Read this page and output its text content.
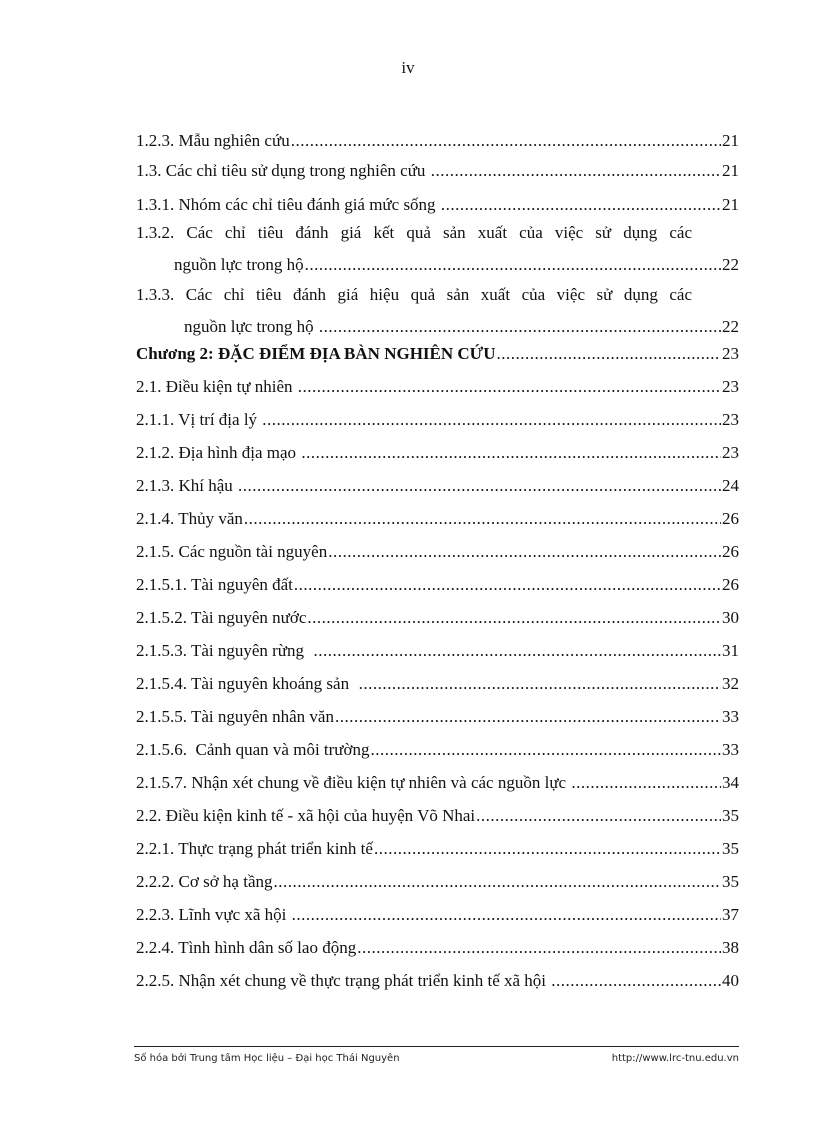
iv
1.2.3. Mẫu nghiên cứu .....	21
1.3. Các chỉ tiêu sử dụng trong nghiên cứu .....	21
1.3.1. Nhóm các chỉ tiêu đánh giá mức sống .....	21
1.3.2. Các chỉ tiêu đánh giá kết quả sản xuất của việc sử dụng các
nguồn lực trong hộ .....	22
1.3.3. Các chỉ tiêu đánh giá hiệu quả sản xuất của việc sử dụng các
nguồn lực trong hộ .....	22
Chương 2: ĐẶC ĐIỂM ĐỊA BÀN NGHIÊN CỨU .....	23
2.1. Điều kiện tự nhiên .....	23
2.1.1. Vị trí địa lý .....	23
2.1.2. Địa hình địa mạo .....	23
2.1.3. Khí hậu .....	24
2.1.4. Thủy văn .....	26
2.1.5. Các nguồn tài nguyên .....	26
2.1.5.1. Tài nguyên đất .....	26
2.1.5.2. Tài nguyên nước .....	30
2.1.5.3. Tài nguyên rừng .....	31
2.1.5.4. Tài nguyên khoáng sản .....	32
2.1.5.5. Tài nguyên nhân văn .....	33
2.1.5.6.  Cảnh quan và môi trường .....	33
2.1.5.7. Nhận xét chung về điều kiện tự nhiên và các nguồn lực .....	34
2.2. Điều kiện kinh tế - xã hội của huyện Võ Nhai .....	35
2.2.1. Thực trạng phát triển kinh tế .....	35
2.2.2. Cơ sở hạ tầng .....	35
2.2.3. Lĩnh vực xã hội .....	37
2.2.4. Tình hình dân số lao động .....	38
2.2.5. Nhận xét chung về thực trạng phát triển kinh tế xã hội .....	40
Số hóa bởi Trung tâm Học liệu – Đại học Thái Nguyên	http://www.lrc-tnu.edu.vn
